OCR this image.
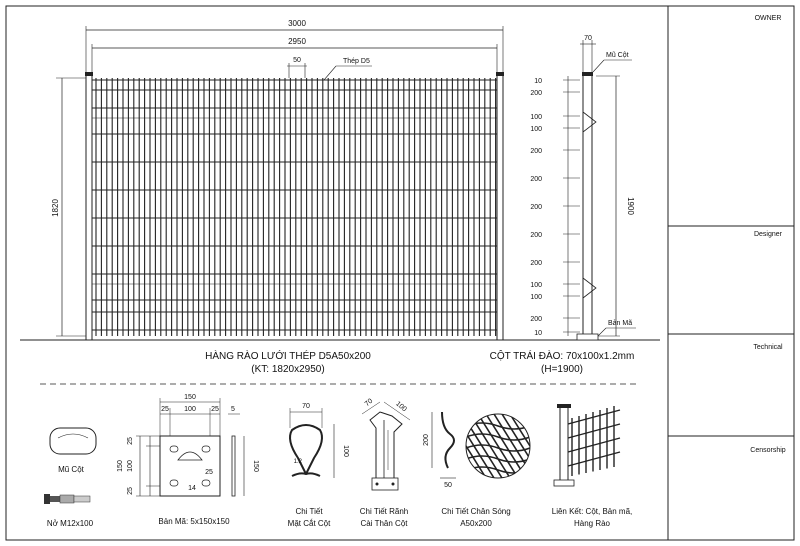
OWNER
Designer
Technical
Censorship
3000
2950
50	Thép D5
1820
HÀNG RÀO LƯỚI THÉP D5A50x200
(KT: 1820x2950)
70
Mũ Cột
Bản Mã
1900
10
200
100
100
200
200
200
200
200
100
100
200
10
CỘT TRÁI ĐÀO: 70x100x1.2mm
(H=1900)
Mũ Cột
Nở M12x100
150
25 100 25
25
14
25
150 100
25
5
150
Bản Mã: 5x150x150
70
1.2
100
Chi Tiết
Mặt Cắt Cột
70	100
Chi Tiết Rãnh
Cài Thân Cột
200
50
Chi Tiết Chân Sóng
A50x200
Liên Kết: Cột, Bản mã,
Hàng Rào
